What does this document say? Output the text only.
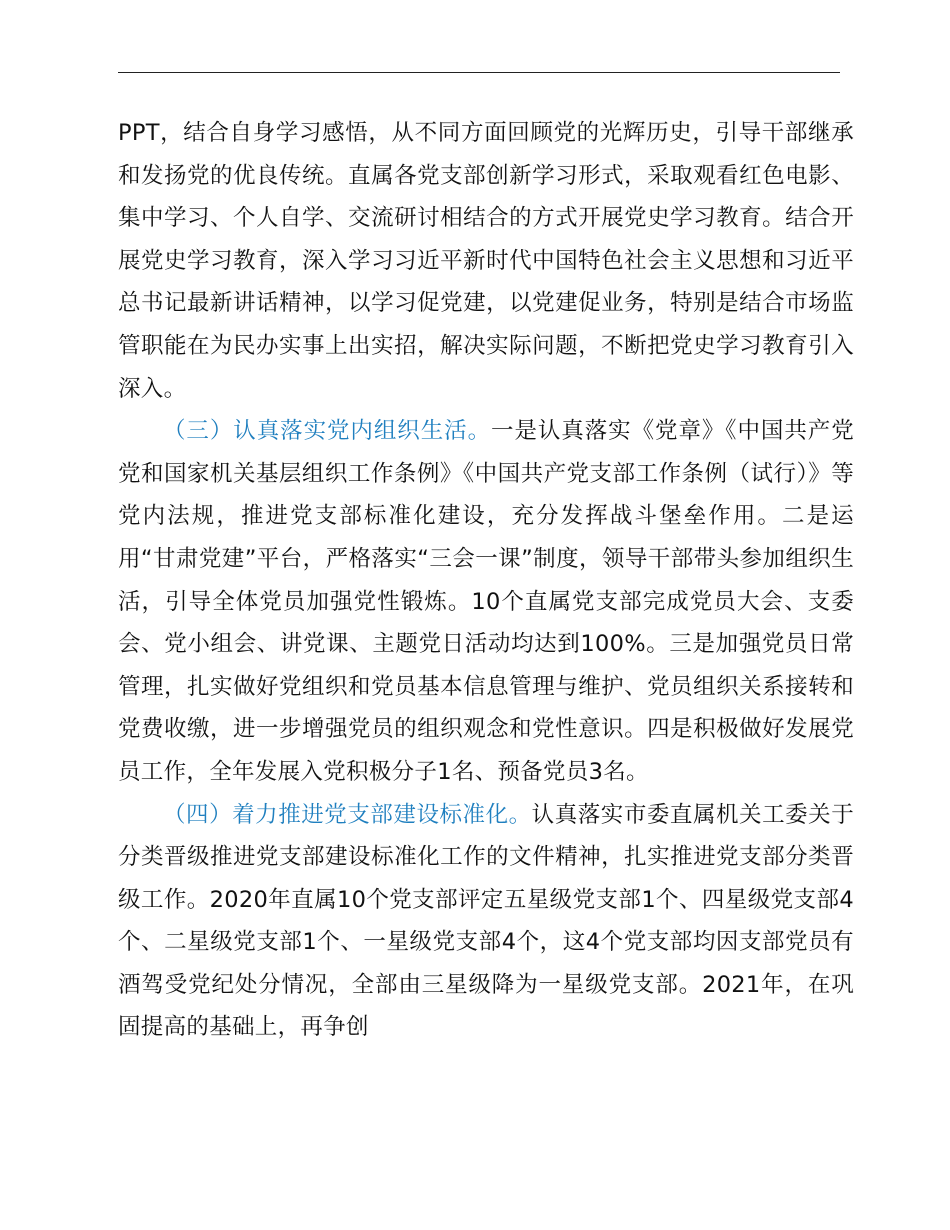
PPT，结合自身学习感悟，从不同方面回顾党的光辉历史，引导干部继承和发扬党的优良传统。直属各党支部创新学习形式，采取观看红色电影、集中学习、个人自学、交流研讨相结合的方式开展党史学习教育。结合开展党史学习教育，深入学习习近平新时代中国特色社会主义思想和习近平总书记最新讲话精神，以学习促党建，以党建促业务，特别是结合市场监管职能在为民办实事上出实招，解决实际问题，不断把党史学习教育引入深入。

（三）认真落实党内组织生活。一是认真落实《党章》《中国共产党党和国家机关基层组织工作条例》《中国共产党支部工作条例（试行）》等党内法规，推进党支部标准化建设，充分发挥战斗堡垒作用。二是运用“甘肃党建”平台，严格落实“三会一课”制度，领导干部带头参加组织生活，引导全体党员加强党性锻炼。10个直属党支部完成党员大会、支委会、党小组会、讲党课、主题党日活动均达到100%。三是加强党员日常管理，扎实做好党组织和党员基本信息管理与维护、党员组织关系接转和党费收缴，进一步增强党员的组织观念和党性意识。四是积极做好发展党员工作，全年发展入党积极分子1名、预备党员3名。

（四）着力推进党支部建设标准化。认真落实市委直属机关工委关于分类晋级推进党支部建设标准化工作的文件精神，扎实推进党支部分类晋级工作。2020年直属10个党支部评定五星级党支部1个、四星级党支部4个、二星级党支部1个、一星级党支部4个，这4个党支部均因支部党员有酒驾受党纪处分情况，全部由三星级降为一星级党支部。2021年，在巩固提高的基础上，再争创
